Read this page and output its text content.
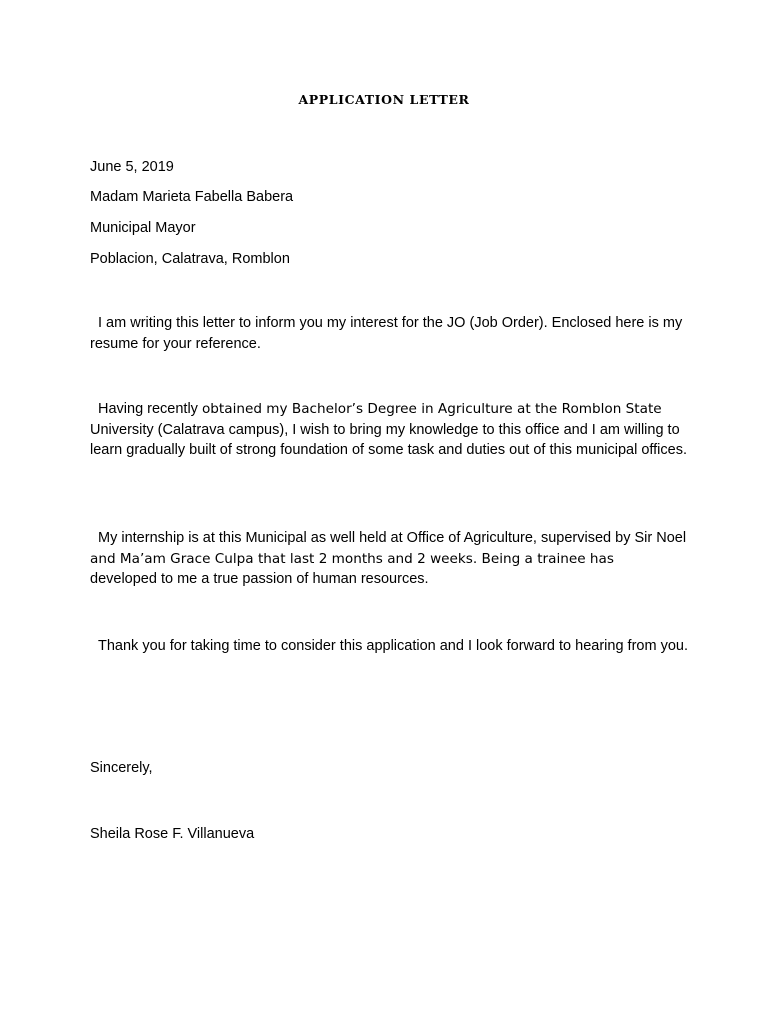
APPLICATION LETTER
June 5, 2019
Madam Marieta Fabella Babera
Municipal Mayor
Poblacion, Calatrava, Romblon
I am writing this letter to inform you my interest for the JO (Job Order). Enclosed here is my resume for your reference.
Having recently obtained my Bachelor’s Degree in Agriculture at the Romblon State
University (Calatrava campus), I wish to bring my knowledge to this office and I am willing to learn gradually built of strong foundation of some task and duties out of this municipal offices.
My internship is at this Municipal as well held at Office of Agriculture, supervised by Sir Noel and Ma’am Grace Culpa that last 2 months and 2 weeks. Being a trainee has
developed to me a true passion of human resources.
Thank you for taking time to consider this application and I look forward to hearing from you.
Sincerely,
Sheila Rose F. Villanueva
